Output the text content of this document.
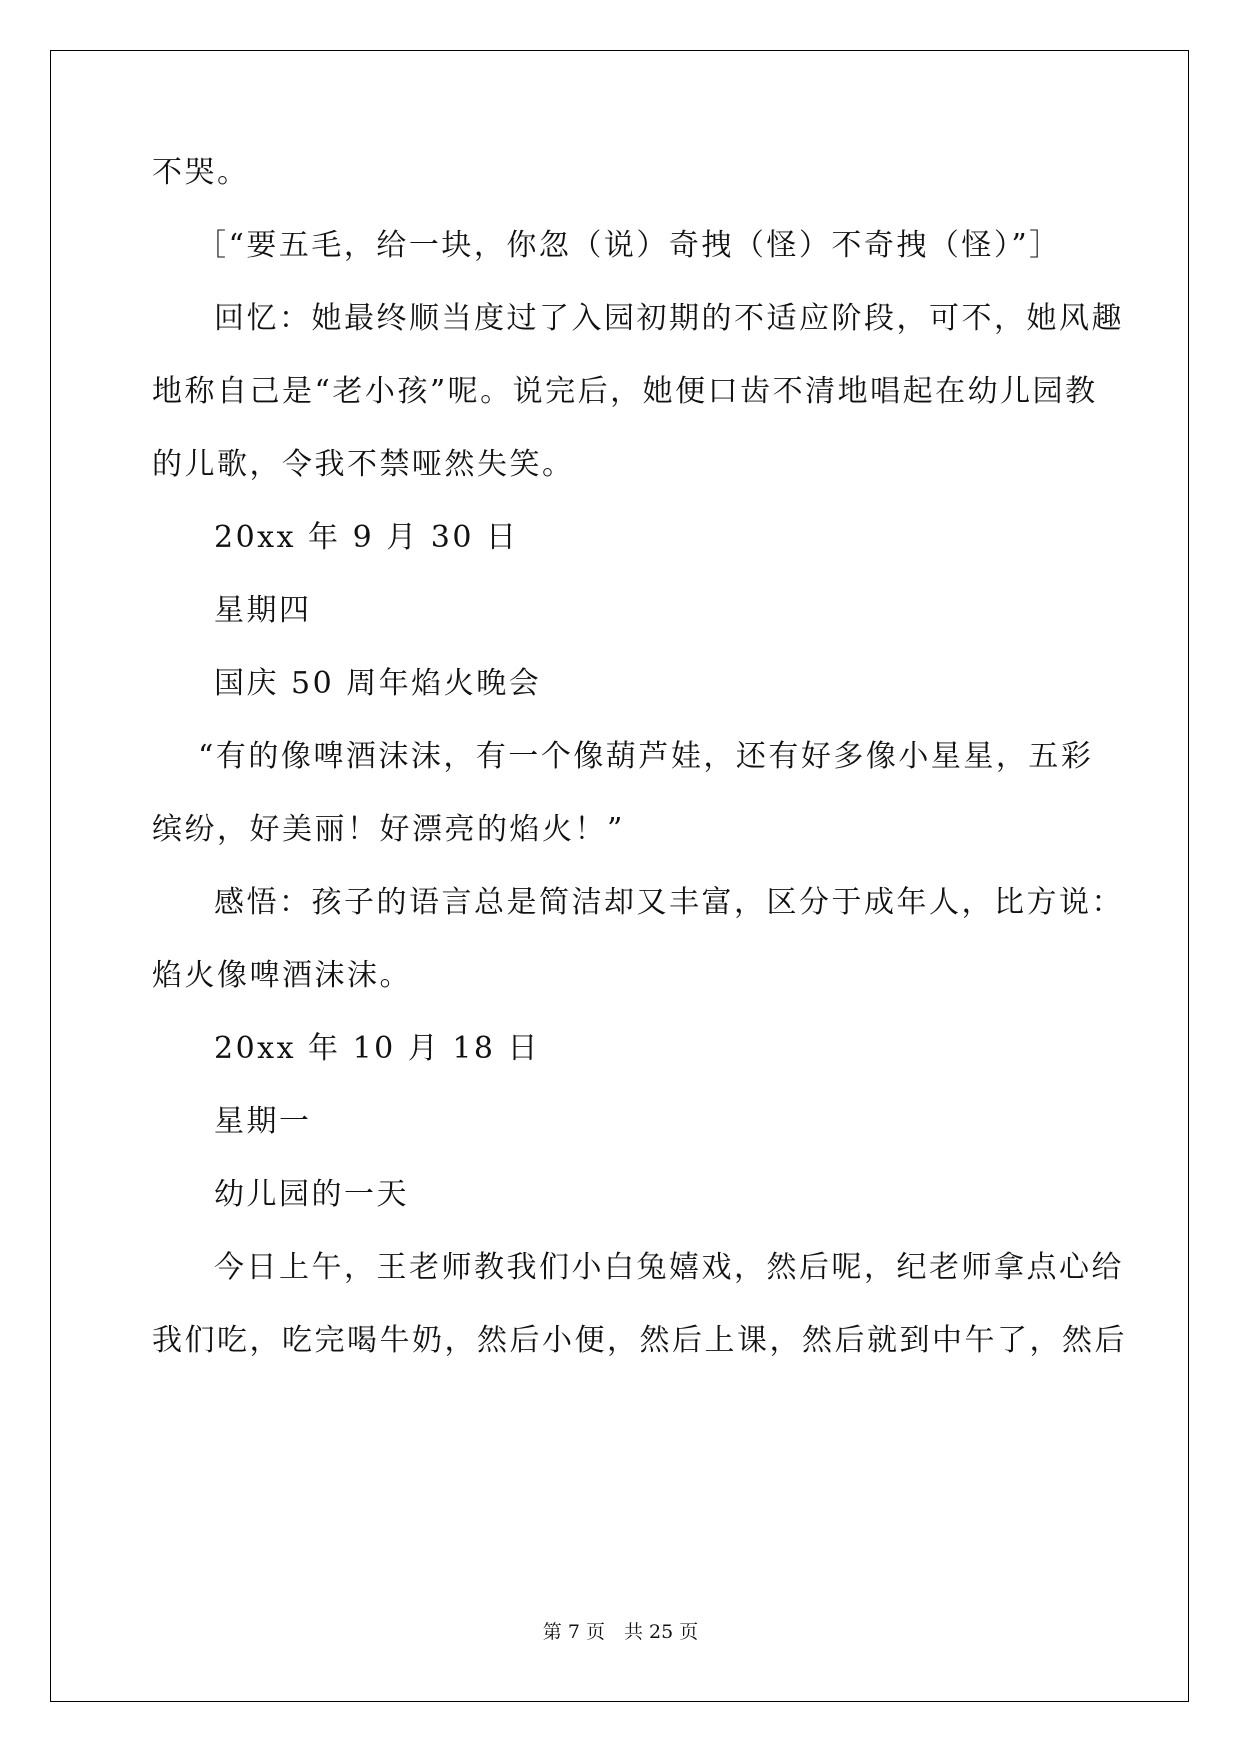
不哭。
［“要五毛，给一块，你忽（说）奇拽（怪）不奇拽（怪）”］
回忆：她最终顺当度过了入园初期的不适应阶段，可不，她风趣
地称自己是“老小孩”呢。说完后，她便口齿不清地唱起在幼儿园教
的儿歌，令我不禁哑然失笑。
20xx 年 9 月 30 日
星期四
国庆 50 周年焰火晚会
“有的像啤酒沫沫，有一个像葫芦娃，还有好多像小星星，五彩
缤纷，好美丽！好漂亮的焰火！”
感悟：孩子的语言总是简洁却又丰富，区分于成年人，比方说：
焰火像啤酒沫沫。
20xx 年 10 月 18 日
星期一
幼儿园的一天
今日上午，王老师教我们小白兔嬉戏，然后呢，纪老师拿点心给
我们吃，吃完喝牛奶，然后小便，然后上课，然后就到中午了，然后
第 7 页　共 25 页
